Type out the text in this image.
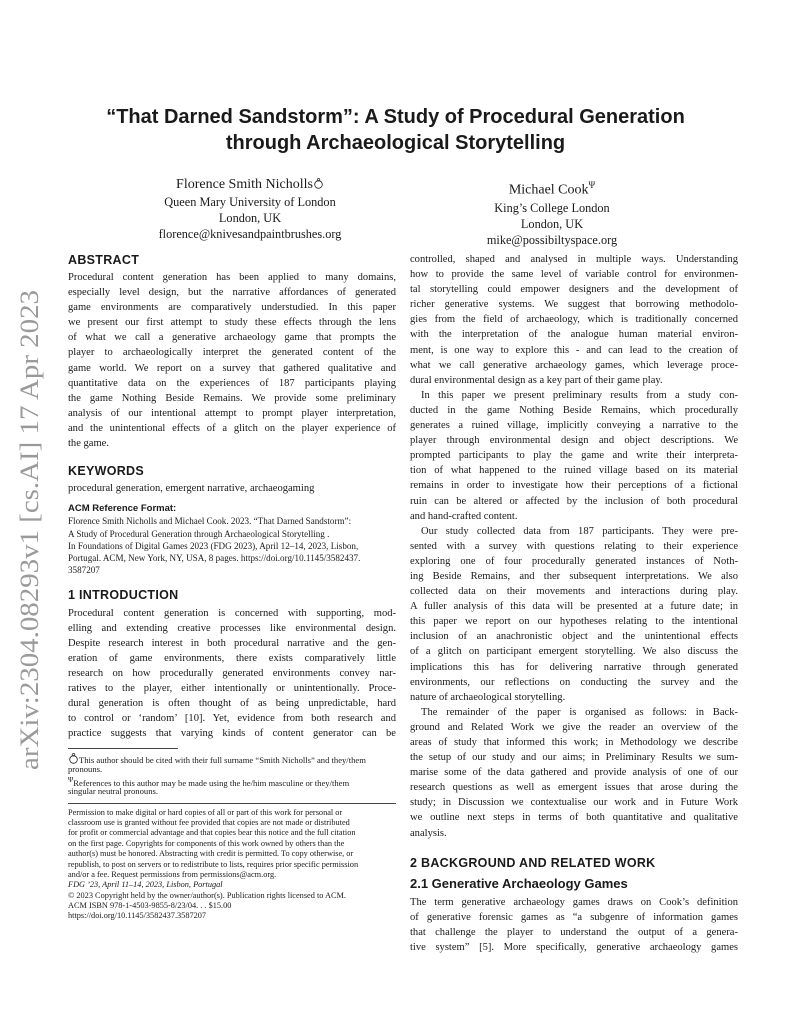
arXiv:2304.08293v1 [cs.AI] 17 Apr 2023
“That Darned Sandstorm”: A Study of Procedural Generation
through Archaeological Storytelling
Florence Smith Nicholls
Queen Mary University of London
London, UK
florence@knivesandpaintbrushes.org
Michael Cook$^\Psi$
King’s College London
London, UK
mike@possibiltyspace.org
ABSTRACT
Procedural content generation has been applied to many domains,
especially level design, but the narrative affordances of generated
game environments are comparatively understudied. In this paper
we present our first attempt to study these effects through the lens
of what we call a generative archaeology game that prompts the
player to archaeologically interpret the generated content of the
game world. We report on a survey that gathered qualitative and
quantitative data on the experiences of 187 participants playing
the game Nothing Beside Remains. We provide some preliminary
analysis of our intentional attempt to prompt player interpretation,
and the unintentional effects of a glitch on the player experience of
the game.
KEYWORDS
procedural generation, emergent narrative, archaeogaming
ACM Reference Format:
Florence Smith Nicholls and Michael Cook. 2023. “That Darned Sandstorm”:
A Study of Procedural Generation through Archaeological Storytelling .
In Foundations of Digital Games 2023 (FDG 2023), April 12–14, 2023, Lisbon,
Portugal. ACM, New York, NY, USA, 8 pages. https://doi.org/10.1145/3582437.
3587207
1 INTRODUCTION
Procedural content generation is concerned with supporting, mod-
elling and extending creative processes like environmental design.
Despite research interest in both procedural narrative and the gen-
eration of game environments, there exists comparatively little
research on how procedurally generated environments convey nar-
ratives to the player, either intentionally or unintentionally. Proce-
dural generation is often thought of as being unpredictable, hard
to control or ‘random’ [10]. Yet, evidence from both research and
practice suggests that varying kinds of content generator can be
This author should be cited with their full surname “Smith Nicholls” and they/them
pronouns.
$^\Psi$References to this author may be made using the he/him masculine or they/them
singular neutral pronouns.
Permission to make digital or hard copies of all or part of this work for personal or
classroom use is granted without fee provided that copies are not made or distributed
for profit or commercial advantage and that copies bear this notice and the full citation
on the first page. Copyrights for components of this work owned by others than the
author(s) must be honored. Abstracting with credit is permitted. To copy otherwise, or
republish, to post on servers or to redistribute to lists, requires prior specific permission
and/or a fee. Request permissions from permissions@acm.org.
FDG ’23, April 11–14, 2023, Lisbon, Portugal
© 2023 Copyright held by the owner/author(s). Publication rights licensed to ACM.
ACM ISBN 978-1-4503-9855-8/23/04. . . $15.00
https://doi.org/10.1145/3582437.3587207
controlled, shaped and analysed in multiple ways. Understanding
how to provide the same level of variable control for environmen-
tal storytelling could empower designers and the development of
richer generative systems. We suggest that borrowing methodolo-
gies from the field of archaeology, which is traditionally concerned
with the interpretation of the analogue human material environ-
ment, is one way to explore this - and can lead to the creation of
what we call generative archaeology games, which leverage proce-
dural environmental design as a key part of their game play.
In this paper we present preliminary results from a study con-
ducted in the game Nothing Beside Remains, which procedurally
generates a ruined village, implicitly conveying a narrative to the
player through environmental design and object descriptions. We
prompted participants to play the game and write their interpreta-
tion of what happened to the ruined village based on its material
remains in order to investigate how their perceptions of a fictional
ruin can be altered or affected by the inclusion of both procedural
and hand-crafted content.
Our study collected data from 187 participants. They were pre-
sented with a survey with questions relating to their experience
exploring one of four procedurally generated instances of Noth-
ing Beside Remains, and ther subsequent interpretations. We also
collected data on their movements and interactions during play.
A fuller analysis of this data will be presented at a future date; in
this paper we report on our hypotheses relating to the intentional
inclusion of an anachronistic object and the unintentional effects
of a glitch on participant emergent storytelling. We also discuss the
implications this has for delivering narrative through generated
environments, our reflections on conducting the survey and the
nature of archaeological storytelling.
The remainder of the paper is organised as follows: in Back-
ground and Related Work we give the reader an overview of the
areas of study that informed this work; in Methodology we describe
the setup of our study and our aims; in Preliminary Results we sum-
marise some of the data gathered and provide analysis of one of our
research questions as well as emergent issues that arose during the
study; in Discussion we contextualise our work and in Future Work
we outline next steps in terms of both quantitative and qualitative
analysis.
2 BACKGROUND AND RELATED WORK
2.1 Generative Archaeology Games
The term generative archaeology games draws on Cook’s definition
of generative forensic games as “a subgenre of information games
that challenge the player to understand the output of a genera-
tive system” [5]. More specifically, generative archaeology games
